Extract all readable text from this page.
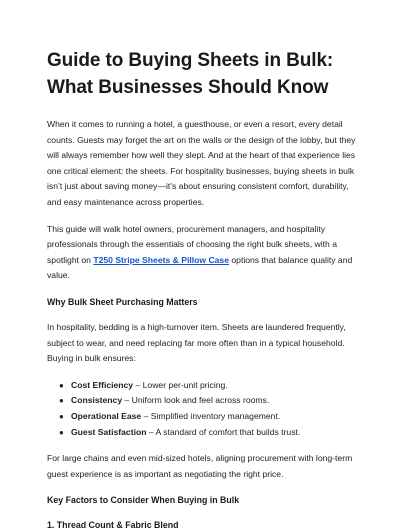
Guide to Buying Sheets in Bulk: What Businesses Should Know

When it comes to running a hotel, a guesthouse, or even a resort, every detail counts. Guests may forget the art on the walls or the design of the lobby, but they will always remember how well they slept. And at the heart of that experience lies one critical element: the sheets. For hospitality businesses, buying sheets in bulk isn’t just about saving money—it’s about ensuring consistent comfort, durability, and easy maintenance across properties.

This guide will walk hotel owners, procurement managers, and hospitality professionals through the essentials of choosing the right bulk sheets, with a spotlight on T250 Stripe Sheets & Pillow Case options that balance quality and value.

Why Bulk Sheet Purchasing Matters

In hospitality, bedding is a high-turnover item. Sheets are laundered frequently, subject to wear, and need replacing far more often than in a typical household. Buying in bulk ensures:

● Cost Efficiency – Lower per-unit pricing.
● Consistency – Uniform look and feel across rooms.
● Operational Ease – Simplified inventory management.
● Guest Satisfaction – A standard of comfort that builds trust.

For large chains and even mid-sized hotels, aligning procurement with long-term guest experience is as important as negotiating the right price.

Key Factors to Consider When Buying in Bulk
1. Thread Count & Fabric Blend
